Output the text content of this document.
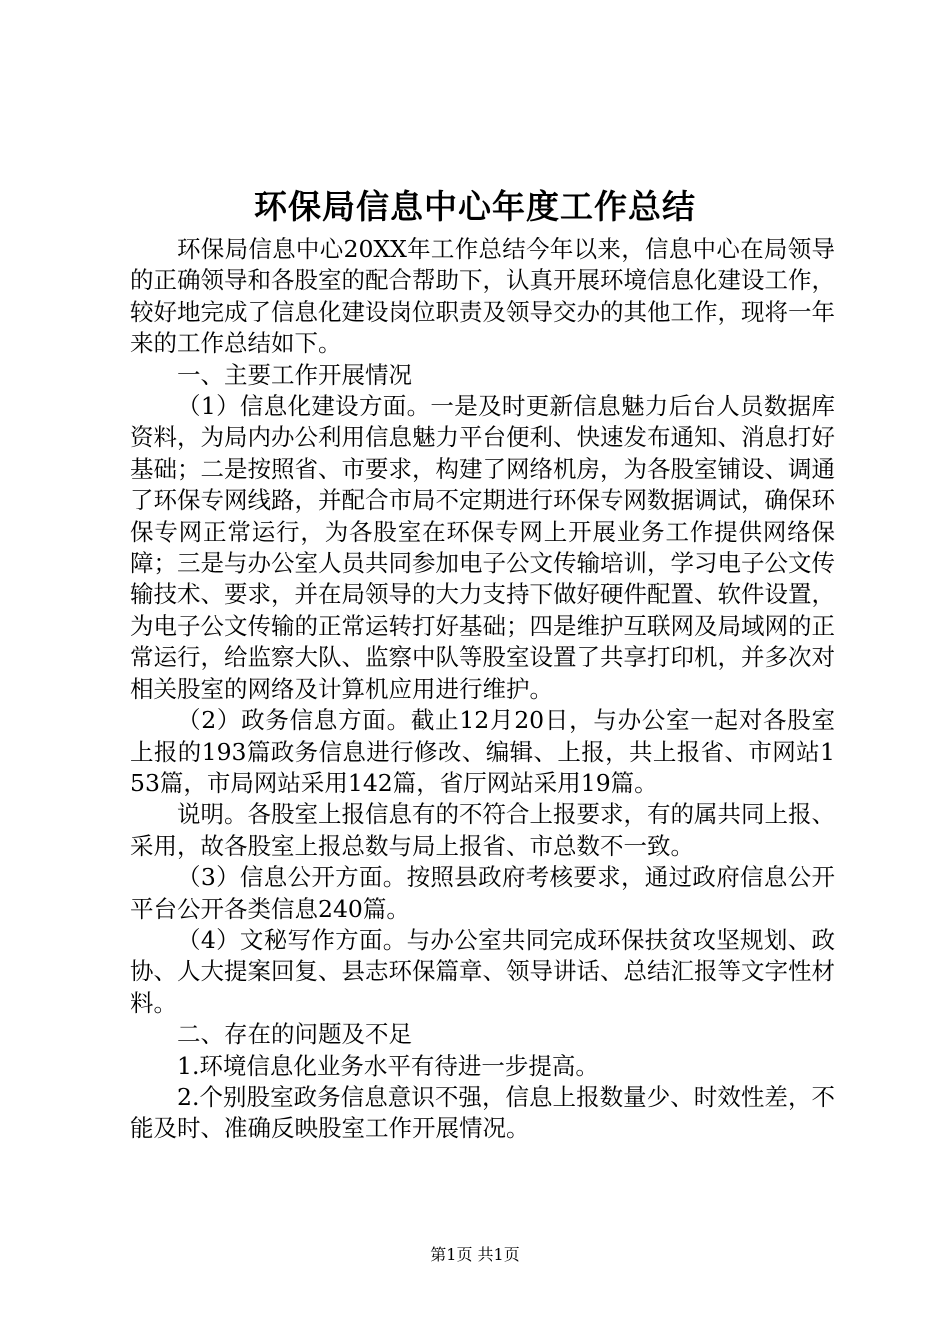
环保局信息中心年度工作总结

环保局信息中心20XX年工作总结今年以来，信息中心在局领导的正确领导和各股室的配合帮助下，认真开展环境信息化建设工作，较好地完成了信息化建设岗位职责及领导交办的其他工作，现将一年来的工作总结如下。

一、主要工作开展情况

（1）信息化建设方面。一是及时更新信息魅力后台人员数据库资料，为局内办公利用信息魅力平台便利、快速发布通知、消息打好基础；二是按照省、市要求，构建了网络机房，为各股室铺设、调通了环保专网线路，并配合市局不定期进行环保专网数据调试，确保环保专网正常运行，为各股室在环保专网上开展业务工作提供网络保障；三是与办公室人员共同参加电子公文传输培训，学习电子公文传输技术、要求，并在局领导的大力支持下做好硬件配置、软件设置，为电子公文传输的正常运转打好基础；四是维护互联网及局域网的正常运行，给监察大队、监察中队等股室设置了共享打印机，并多次对相关股室的网络及计算机应用进行维护。

（2）政务信息方面。截止12月20日，与办公室一起对各股室上报的193篇政务信息进行修改、编辑、上报，共上报省、市网站153篇，市局网站采用142篇，省厅网站采用19篇。

说明。各股室上报信息有的不符合上报要求，有的属共同上报、采用，故各股室上报总数与局上报省、市总数不一致。

（3）信息公开方面。按照县政府考核要求，通过政府信息公开平台公开各类信息240篇。

（4）文秘写作方面。与办公室共同完成环保扶贫攻坚规划、政协、人大提案回复、县志环保篇章、领导讲话、总结汇报等文字性材料。

二、存在的问题及不足

1.环境信息化业务水平有待进一步提高。

2.个别股室政务信息意识不强，信息上报数量少、时效性差，不能及时、准确反映股室工作开展情况。

第1页 共1页
